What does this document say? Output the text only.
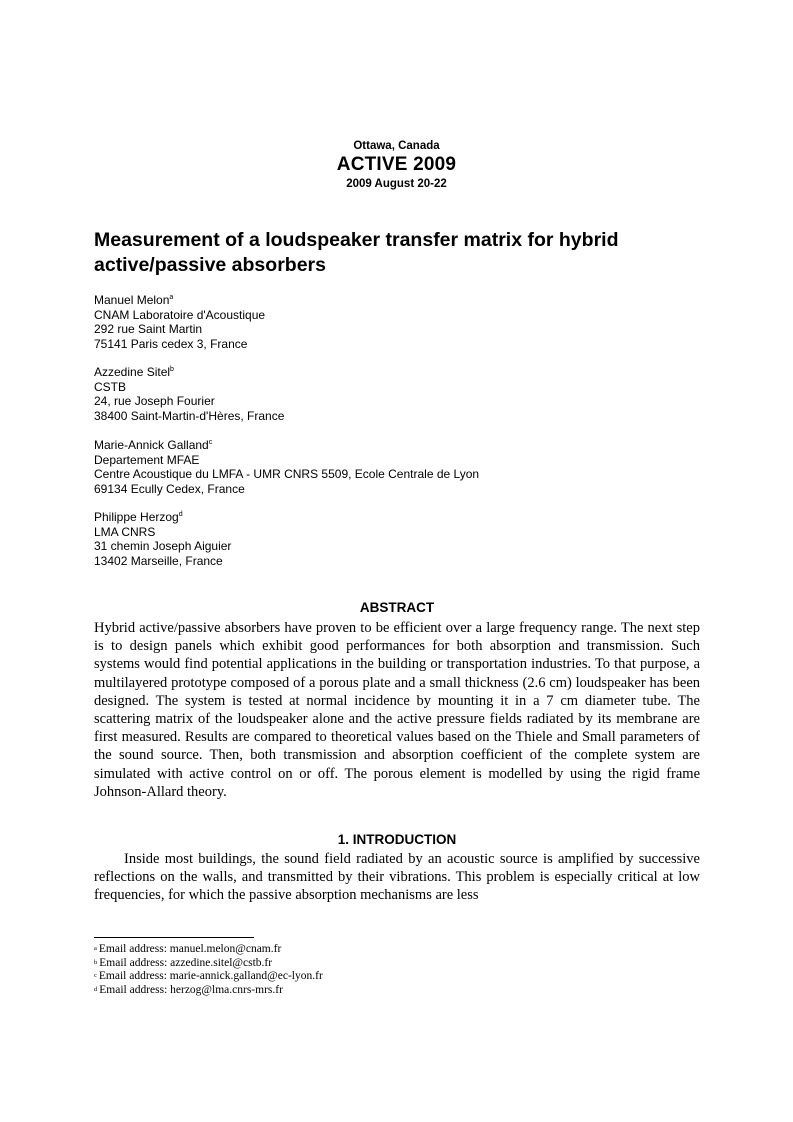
Ottawa, Canada
ACTIVE 2009
2009 August 20-22
Measurement of a loudspeaker transfer matrix for hybrid active/passive absorbers
Manuel Melon$^a$
CNAM Laboratoire d'Acoustique
292 rue Saint Martin
75141 Paris cedex 3, France
Azzedine Sitel$^b$
CSTB
24, rue Joseph Fourier
38400 Saint-Martin-d'Hères, France
Marie-Annick Galland$^c$
Departement MFAE
Centre Acoustique du LMFA - UMR CNRS 5509, Ecole Centrale de Lyon
69134 Ecully Cedex, France
Philippe Herzog$^d$
LMA CNRS
31 chemin Joseph Aiguier
13402 Marseille, France
ABSTRACT

Hybrid active/passive absorbers have proven to be efficient over a large frequency range. The next step is to design panels which exhibit good performances for both absorption and transmission. Such systems would find potential applications in the building or transportation industries. To that purpose, a multilayered prototype composed of a porous plate and a small thickness (2.6 cm) loudspeaker has been designed. The system is tested at normal incidence by mounting it in a 7 cm diameter tube. The scattering matrix of the loudspeaker alone and the active pressure fields radiated by its membrane are first measured. Results are compared to theoretical values based on the Thiele and Small parameters of the sound source. Then, both transmission and absorption coefficient of the complete system are simulated with active control on or off. The porous element is modelled by using the rigid frame Johnson-Allard theory.

1. INTRODUCTION

Inside most buildings, the sound field radiated by an acoustic source is amplified by successive reflections on the walls, and transmitted by their vibrations. This problem is especially critical at low frequencies, for which the passive absorption mechanisms are less

$^a$ Email address: manuel.melon@cnam.fr
$^b$ Email address: azzedine.sitel@cstb.fr
$^c$ Email address: marie-annick.galland@ec-lyon.fr
$^d$ Email address: herzog@lma.cnrs-mrs.fr
